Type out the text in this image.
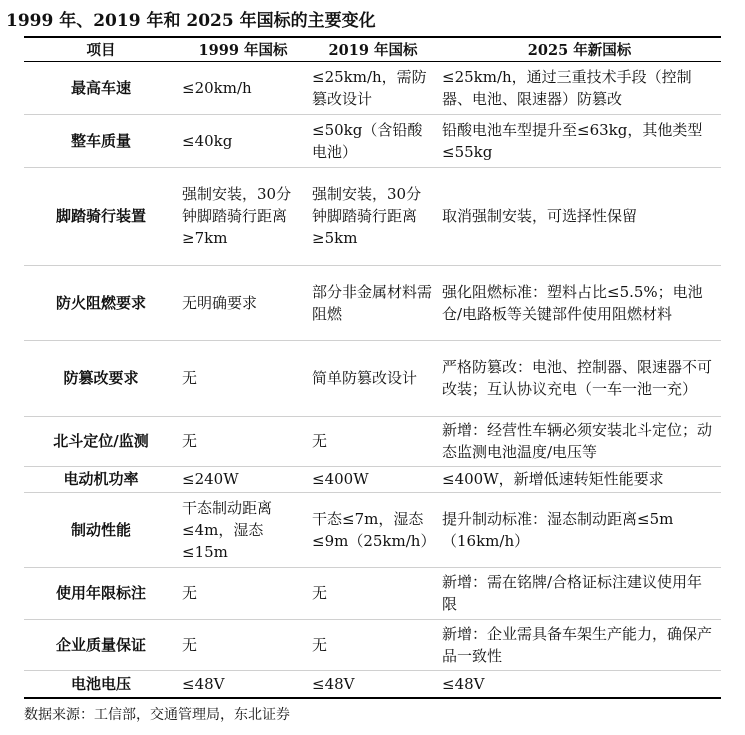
1999 年、2019 年和 2025 年国标的主要变化
项目	1999 年国标	2019 年国标	2025 年新国标
最高车速	≤20km/h	≤25km/h，需防篡改设计	≤25km/h，通过三重技术手段（控制器、电池、限速器）防篡改
整车质量	≤40kg	≤50kg（含铅酸电池）	铅酸电池车型提升至≤63kg，其他类型≤55kg
脚踏骑行装置	强制安装，30分钟脚踏骑行距离≥7km	强制安装，30分钟脚踏骑行距离≥5km	取消强制安装，可选择性保留
防火阻燃要求	无明确要求	部分非金属材料需阻燃	强化阻燃标准：塑料占比≤5.5%；电池仓/电路板等关键部件使用阻燃材料
防篡改要求	无	简单防篡改设计	严格防篡改：电池、控制器、限速器不可改装；互认协议充电（一车一池一充）
北斗定位/监测	无	无	新增：经营性车辆必须安装北斗定位；动态监测电池温度/电压等
电动机功率	≤240W	≤400W	≤400W，新增低速转矩性能要求
制动性能	干态制动距离≤4m，湿态≤15m	干态≤7m，湿态≤9m（25km/h）	提升制动标准：湿态制动距离≤5m（16km/h）
使用年限标注	无	无	新增：需在铭牌/合格证标注建议使用年限
企业质量保证	无	无	新增：企业需具备车架生产能力，确保产品一致性
电池电压	≤48V	≤48V	≤48V
数据来源：工信部，交通管理局，东北证券
